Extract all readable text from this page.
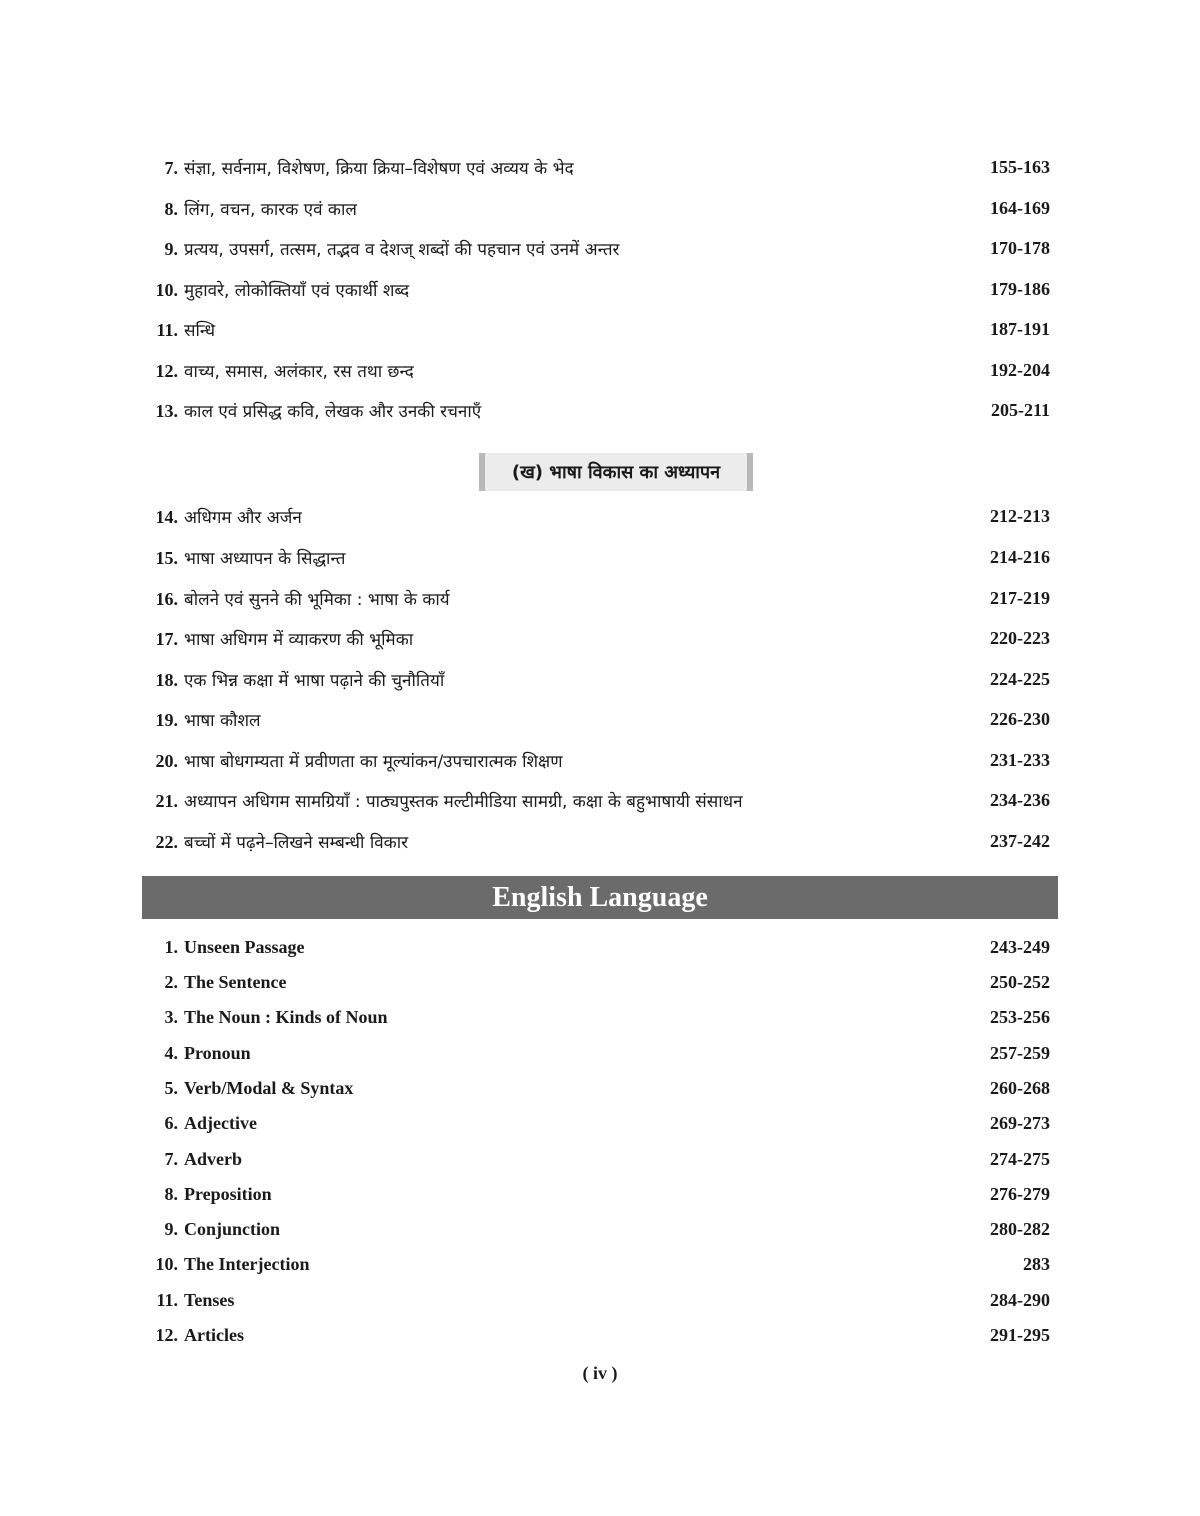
7. संज्ञा, सर्वनाम, विशेषण, क्रिया क्रिया–विशेषण एवं अव्यय के भेद	155-163
8. लिंग, वचन, कारक एवं काल	164-169
9. प्रत्यय, उपसर्ग, तत्सम, तद्भव व देशज् शब्दों की पहचान एवं उनमें अन्तर	170-178
10. मुहावरे, लोकोक्तियाँ एवं एकार्थी शब्द	179-186
11. सन्धि	187-191
12. वाच्य, समास, अलंकार, रस तथा छन्द	192-204
13. काल एवं प्रसिद्ध कवि, लेखक और उनकी रचनाएँ	205-211
(ख) भाषा विकास का अध्यापन
14. अधिगम और अर्जन	212-213
15. भाषा अध्यापन के सिद्धान्त	214-216
16. बोलने एवं सुनने की भूमिका : भाषा के कार्य	217-219
17. भाषा अधिगम में व्याकरण की भूमिका	220-223
18. एक भिन्न कक्षा में भाषा पढ़ाने की चुनौतियाँ	224-225
19. भाषा कौशल	226-230
20. भाषा बोधगम्यता में प्रवीणता का मूल्यांकन/उपचारात्मक शिक्षण	231-233
21. अध्यापन अधिगम सामग्रियाँ : पाठ्यपुस्तक मल्टीमीडिया सामग्री, कक्षा के बहुभाषायी संसाधन	234-236
22. बच्चों में पढ़ने–लिखने सम्बन्धी विकार	237-242
English Language
1. Unseen Passage	243-249
2. The Sentence	250-252
3. The Noun : Kinds of Noun	253-256
4. Pronoun	257-259
5. Verb/Modal & Syntax	260-268
6. Adjective	269-273
7. Adverb	274-275
8. Preposition	276-279
9. Conjunction	280-282
10. The Interjection	283
11. Tenses	284-290
12. Articles	291-295
( iv )
